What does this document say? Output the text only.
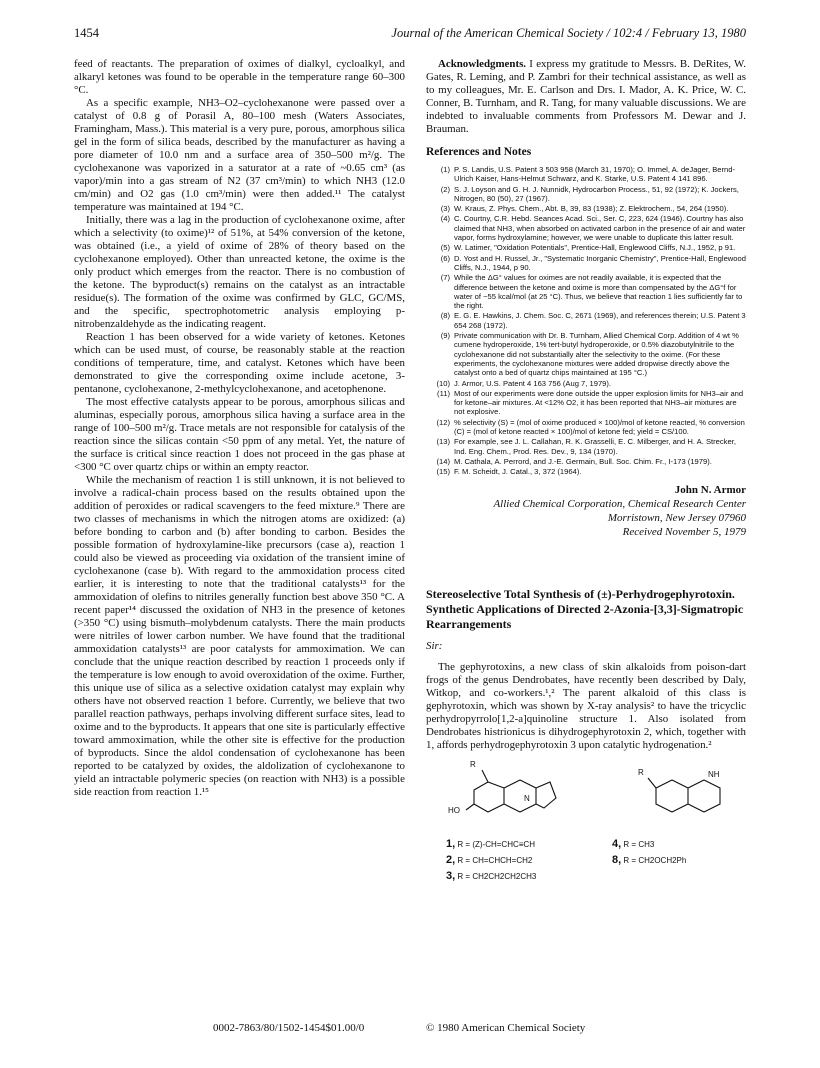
1454	Journal of the American Chemical Society / 102:4 / February 13, 1980

feed of reactants. The preparation of oximes of dialkyl, cycloalkyl, and alkaryl ketones was found to be operable in the temperature range 60–300 °C.

As a specific example, NH3–O2–cyclohexanone were passed over a catalyst of 0.8 g of Porasil A, 80–100 mesh (Waters Associates, Framingham, Mass.). This material is a very pure, porous, amorphous silica gel in the form of silica beads, described by the manufacturer as having a pore diameter of 10.0 nm and a surface area of 350–500 m²/g. The cyclohexanone was vaporized in a saturator at a rate of ~0.65 cm³ (as vapor)/min into a gas stream of N2 (37 cm³/min) to which NH3 (12.0 cm/min) and O2 gas (1.0 cm³/min) were then added.¹¹ The catalyst temperature was maintained at 194 °C.

Initially, there was a lag in the production of cyclohexanone oxime, after which a selectivity (to oxime)¹² of 51%, at 54% conversion of the ketone, was obtained (i.e., a yield of oxime of 28% of theory based on the cyclohexanone employed). Other than unreacted ketone, the oxime is the only product which emerges from the reactor. There is no combustion of the ketone. The byproduct(s) remains on the catalyst as an intractable residue(s). The formation of the oxime was confirmed by GLC, GC/MS, and the specific, spectrophotometric analysis employing p-nitrobenzaldehyde as the indicating reagent.

Reaction 1 has been observed for a wide variety of ketones. Ketones which can be used must, of course, be reasonably stable at the reaction conditions of temperature, time, and catalyst. Ketones which have been demonstrated to give the corresponding oxime include acetone, 3-pentanone, cyclohexanone, 2-methylcyclohexanone, and acetophenone.

The most effective catalysts appear to be porous, amorphous silicas and aluminas, especially porous, amorphous silica having a surface area in the range of 100–500 m²/g. Trace metals are not responsible for catalysis of the reaction since the silicas contain <50 ppm of any metal. Yet, the nature of the surface is critical since reaction 1 does not proceed in the gas phase at <300 °C over quartz chips or within an empty reactor.

While the mechanism of reaction 1 is still unknown, it is not believed to involve a radical-chain process based on the results obtained upon the addition of peroxides or radical scavengers to the feed mixture.⁹ There are two classes of mechanisms in which the nitrogen atoms are oxidized: (a) before bonding to carbon and (b) after bonding to carbon. Besides the possible formation of hydroxylamine-like precursors (case a), reaction 1 could also be viewed as proceeding via oxidation of the transient imine of cyclohexanone (case b). With regard to the ammoxidation process cited earlier, it is interesting to note that the traditional catalysts¹³ for the ammoxidation of olefins to nitriles generally function best above 350 °C. A recent paper¹⁴ discussed the oxidation of NH3 in the presence of ketones (>350 °C) using bismuth–molybdenum catalysts. There the main products were nitriles of lower carbon number. We have found that the traditional ammoxidation catalysts¹³ are poor catalysts for ammoximation. We can conclude that the unique reaction described by reaction 1 proceeds only if the temperature is low enough to avoid overoxidation of the oxime. Further, this unique use of silica as a selective oxidation catalyst may explain why others have not observed reaction 1 before. Currently, we believe that two parallel reaction pathways, perhaps involving different surface sites, lead to oxime and to the byproducts. It appears that one site is particularly effective toward ammoximation, while the other site is effective for the production of byproducts. Since the aldol condensation of cyclohexanone has been reported to be catalyzed by oxides, the aldolization of cyclohexanone to yield an intractable polymeric species (on reaction with NH3) is a possible side reaction from reaction 1.¹⁵

Acknowledgments. I express my gratitude to Messrs. B. DeRites, W. Gates, R. Leming, and P. Zambri for their technical assistance, as well as to my colleagues, Mr. E. Carlson and Drs. I. Mador, A. K. Price, W. C. Conner, B. Turnham, and R. Tang, for many valuable discussions. We are indebted to invaluable comments from Professors M. Dewar and J. Brauman.

References and Notes
(1) P. S. Landis, U.S. Patent 3 503 958 (March 31, 1970); O. Immel, A. deJager, Bernd-Ulrich Kaiser, Hans-Helmut Schwarz, and K. Starke, U.S. Patent 4 141 896.
(2) S. J. Loyson and G. H. J. Nunnidk, Hydrocarbon Process., 51, 92 (1972); K. Jockers, Nitrogen, 80 (50), 27 (1967).
(3) W. Kraus, Z. Phys. Chem., Abt. B, 39, 83 (1938); Z. Elektrochem., 54, 264 (1950).
(4) C. Courtny, C.R. Hebd. Seances Acad. Sci., Ser. C, 223, 624 (1946). Courtny has also claimed that NH3, when absorbed on activated carbon in the presence of air and water vapor, forms hydroxylamine; however, we were unable to duplicate this latter result.
(5) W. Latimer, "Oxidation Potentials", Prentice-Hall, Englewood Cliffs, N.J., 1952, p 91.
(6) D. Yost and H. Russel, Jr., "Systematic Inorganic Chemistry", Prentice-Hall, Englewood Cliffs, N.J., 1944, p 90.
(7) While the ΔG° values for oximes are not readily available, it is expected that the difference between the ketone and oxime is more than compensated by the ΔG°f for water of −55 kcal/mol (at 25 °C). Thus, we believe that reaction 1 lies sufficiently far to the right.
(8) E. G. E. Hawkins, J. Chem. Soc. C, 2671 (1969), and references therein; U.S. Patent 3 654 268 (1972).
(9) Private communication with Dr. B. Turnham, Allied Chemical Corp. Addition of 4 wt % cumene hydroperoxide, 1% tert-butyl hydroperoxide, or 0.5% diazobutylnitrile to the cyclohexanone did not substantially alter the selectivity to the oxime. (For these experiments, the cyclohexanone mixtures were added dropwise directly above the catalyst onto a bed of quartz chips maintained at 195 °C.)
(10) J. Armor, U.S. Patent 4 163 756 (Aug 7, 1979).
(11) Most of our experiments were done outside the upper explosion limits for NH3–air and for ketone–air mixtures. At <12% O2, it has been reported that NH3–air mixtures are not explosive.
(12) % selectivity (S) = (mol of oxime produced × 100)/mol of ketone reacted, % conversion (C) = (mol of ketone reacted × 100)/mol of ketone fed; yield = CS/100.
(13) For example, see J. L. Callahan, R. K. Grasselli, E. C. Milberger, and H. A. Strecker, Ind. Eng. Chem., Prod. Res. Dev., 9, 134 (1970).
(14) M. Cathala, A. Perrord, and J.-E. Germain, Bull. Soc. Chim. Fr., I-173 (1979).
(15) F. M. Scheidt, J. Catal., 3, 372 (1964).
John N. Armor
Allied Chemical Corporation, Chemical Research Center
Morristown, New Jersey 07960
Received November 5, 1979
Stereoselective Total Synthesis of (±)-Perhydrogephyrotoxin. Synthetic Applications of Directed 2-Azonia-[3,3]-Sigmatropic Rearrangements
Sir:

The gephyrotoxins, a new class of skin alkaloids from poison-dart frogs of the genus Dendrobates, have recently been described by Daly, Witkop, and co-workers.¹,² The parent alkaloid of this class is gephyrotoxin, which was shown by X-ray analysis² to have the tricyclic perhydropyrrolo[1,2-a]quinoline structure 1. Also isolated from Dendrobates histrionicus is dihydrogephyrotoxin 2, which, together with 1, affords perhydrogephyrotoxin 3 upon catalytic hydrogenation.²

R
HO
N
R	NH
1, R = (Z)-CH=CHC≡CH
2, R = CH=CHCH=CH2
3, R = CH2CH2CH2CH3
4, R = CH3
8, R = CH2OCH2Ph
0002-7863/80/1502-1454$01.00/0	© 1980 American Chemical Society
